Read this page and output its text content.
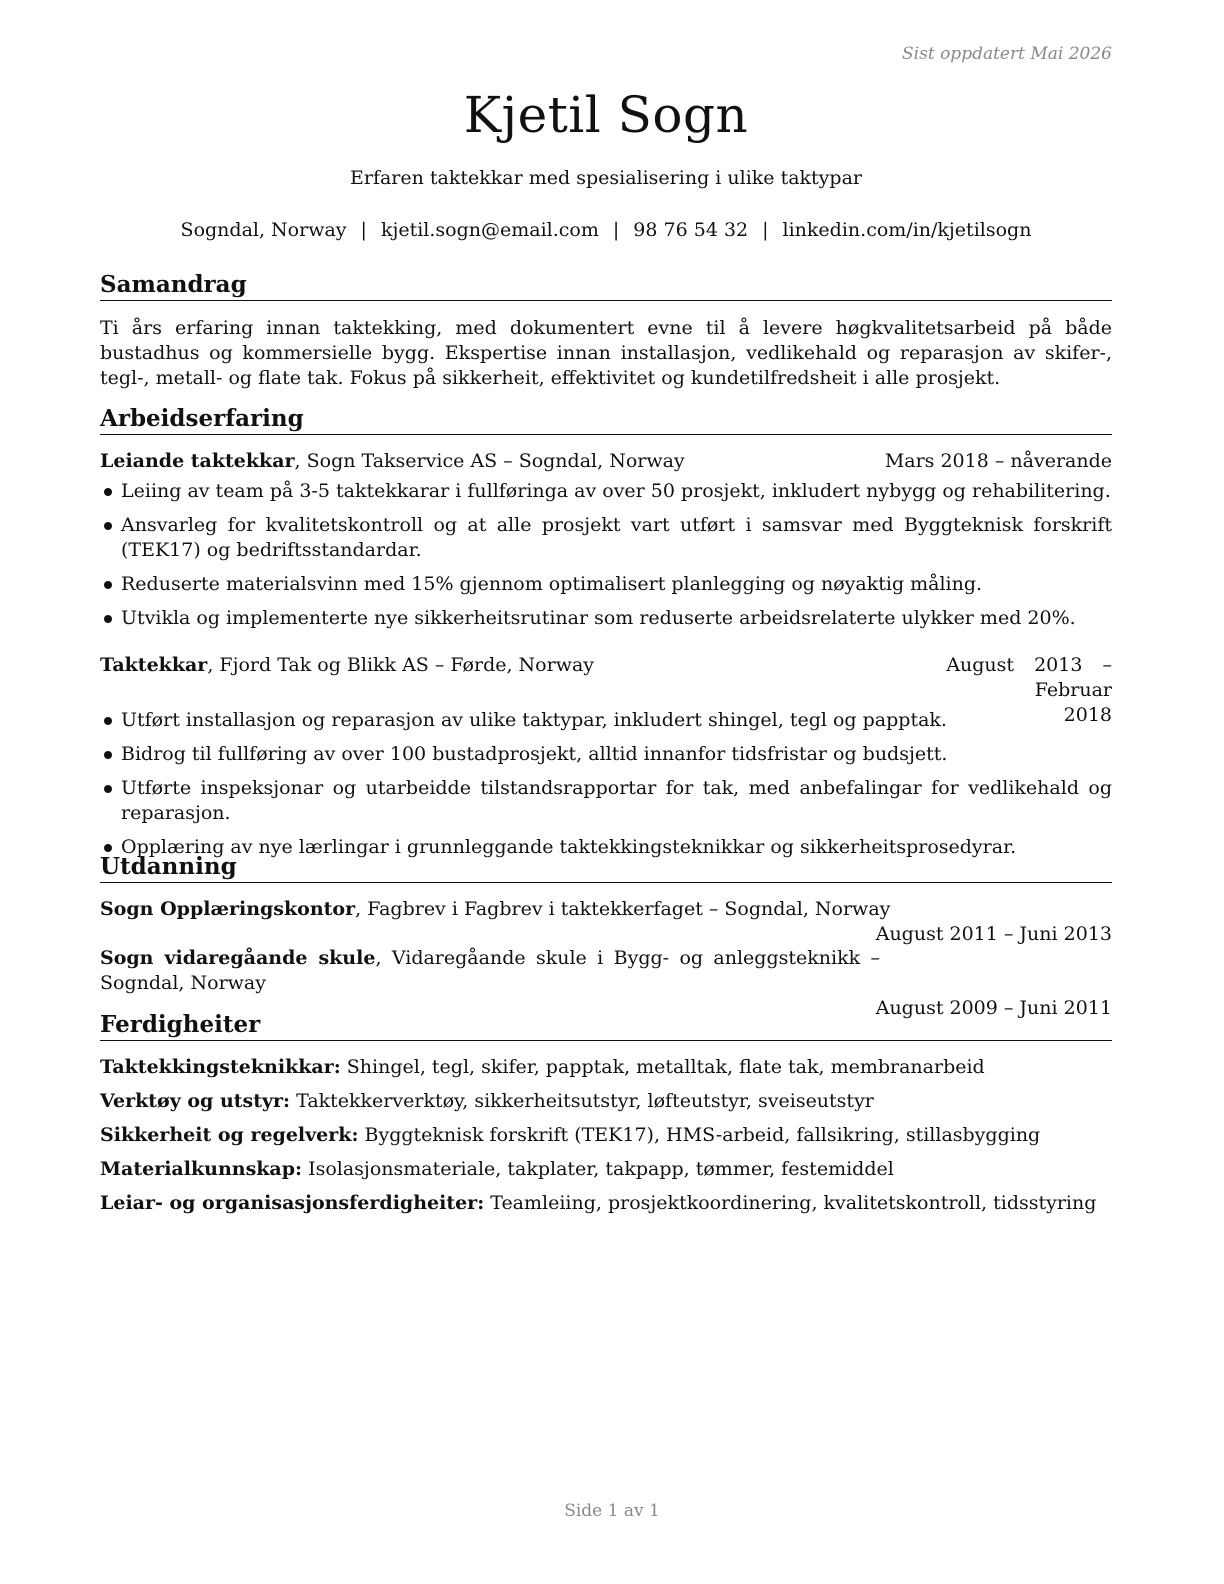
Sist oppdatert Mai 2026
Kjetil Sogn
Erfaren taktekkar med spesialisering i ulike taktypar
Sogndal, Norway | kjetil.sogn@email.com | 98 76 54 32 | linkedin.com/in/kjetilsogn
Samandrag
Ti års erfaring innan taktekking, med dokumentert evne til å levere høgkvalitetsarbeid på både bustadhus og kommersielle bygg. Ekspertise innan installasjon, vedlikehald og reparasjon av skifer-, tegl-, metall- og flate tak. Fokus på sikkerheit, effektivitet og kundetilfredsheit i alle prosjekt.
Arbeidserfaring
Leiande taktekkar, Sogn Takservice AS – Sogndal, Norway	Mars 2018 – nåverande
Leiing av team på 3-5 taktekkarar i fullføringa av over 50 prosjekt, inkludert nybygg og rehabilitering.
Ansvarleg for kvalitetskontroll og at alle prosjekt vart utført i samsvar med Byggteknisk forskrift (TEK17) og bedriftsstandardar.
Reduserte materialsvinn med 15% gjennom optimalisert planlegging og nøyaktig måling.
Utvikla og implementerte nye sikkerheitsrutinar som reduserte arbeidsrelaterte ulykker med 20%.
Taktekkar, Fjord Tak og Blikk AS – Førde, Norway	August 2013 – Februar
2018
Utført installasjon og reparasjon av ulike taktypar, inkludert shingel, tegl og papptak.
Bidrog til fullføring av over 100 bustadprosjekt, alltid innanfor tidsfristar og budsjett.
Utførte inspeksjonar og utarbeidde tilstandsrapportar for tak, med anbefalingar for vedlikehald og reparasjon.
Opplæring av nye lærlingar i grunnleggande taktekkingsteknikkar og sikkerheitsprosedyrar.
Utdanning
Sogn Opplæringskontor, Fagbrev i Fagbrev i taktekkerfaget – Sogndal, Norway
August 2011 – Juni 2013
Sogn vidaregåande skule, Vidaregåande skule i Bygg- og anleggsteknikk – Sogndal, Norway
August 2009 – Juni 2011
Ferdigheiter
Taktekkingsteknikkar: Shingel, tegl, skifer, papptak, metalltak, flate tak, membranarbeid
Verktøy og utstyr: Taktekkerverktøy, sikkerheitsutstyr, løfteutstyr, sveiseutstyr
Sikkerheit og regelverk: Byggteknisk forskrift (TEK17), HMS-arbeid, fallsikring, stillasbygging
Materialkunnskap: Isolasjonsmateriale, takplater, takpapp, tømmer, festemiddel
Leiar- og organisasjonsferdigheiter: Teamleiing, prosjektkoordinering, kvalitetskontroll, tidsstyring
Side 1 av 1
